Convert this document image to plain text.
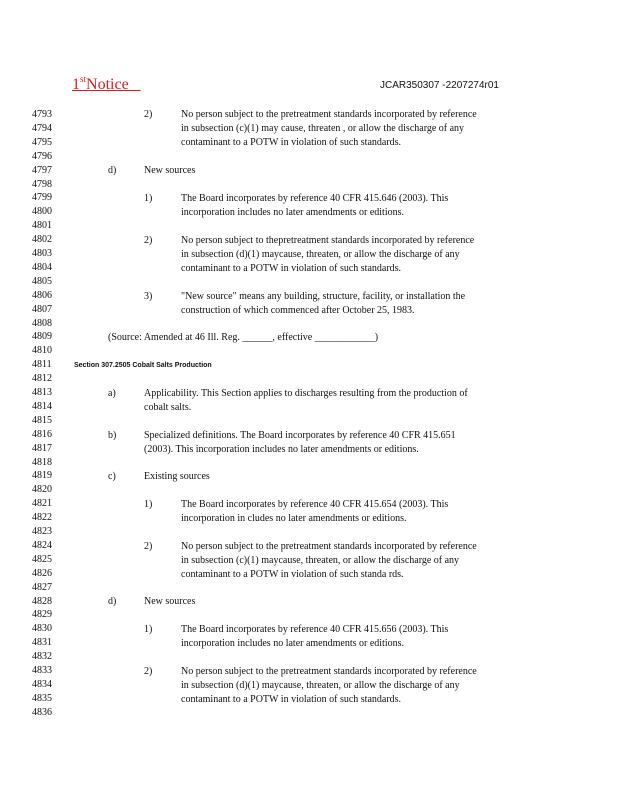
1stNotice	JCAR350307 -2207274r01
4793
4794
4795
4796
4797
4798
4799
4800
4801
4802
4803
4804
4805
4806
4807
4808
4809
4810
4811
4812
4813
4814
4815
4816
4817
4818
4819
4820
4821
4822
4823
4824
4825
4826
4827
4828
4829
4830
4831
4832
4833
4834
4835
4836
2)	No person subject to the pretreatment standards incorporated by reference
in subsection (c)(1) may cause, threaten , or allow the discharge of any
contaminant to a POTW in violation of such standards.
d)	New sources
1)	The Board incorporates by reference 40 CFR 415.646 (2003). This
incorporation includes no later amendments or editions.
2)	No person subject to thepretreatment standards incorporated by reference
in subsection (d)(1) maycause, threaten, or allow the discharge of any
contaminant to a POTW in violation of such standards.
3)	"New source" means any building, structure, facility, or installation the
construction of which commenced after October 25, 1983.
(Source: Amended at 46 Ill. Reg. ______, effective ____________)
Section 307.2505 Cobalt Salts Production
a)	Applicability. This Section applies to discharges resulting from the production of
cobalt salts.
b)	Specialized definitions. The Board incorporates by reference 40 CFR 415.651
(2003). This incorporation includes no later amendments or editions.
c)	Existing sources
1)	The Board incorporates by reference 40 CFR 415.654 (2003). This
incorporation in cludes no later amendments or editions.
2)	No person subject to the pretreatment standards incorporated by reference
in subsection (c)(1) maycause, threaten, or allow the discharge of any
contaminant to a POTW in violation of such standa rds.
d)	New sources
1)	The Board incorporates by reference 40 CFR 415.656 (2003). This
incorporation includes no later amendments or editions.
2)	No person subject to the pretreatment standards incorporated by reference
in subsection (d)(1) maycause, threaten, or allow the discharge of any
contaminant to a POTW in violation of such standards.
